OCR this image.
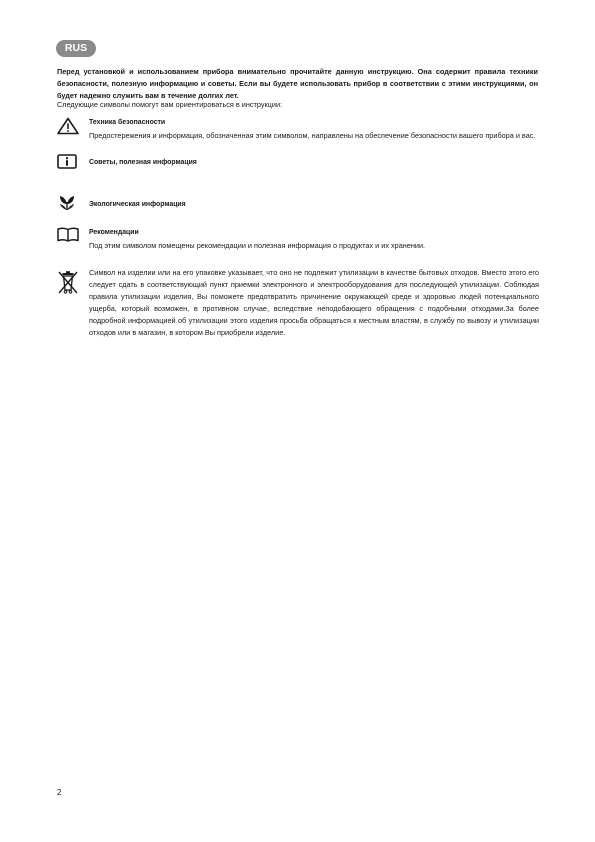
RUS

Перед установкой и использованием прибора внимательно прочитайте данную инструкцию. Она содержит правила техники безопасности, полезную информацию и советы. Если вы будете использовать прибор в соответствии с этими инструкциями, он будет надежно служить вам в течение долгих лет.

Следующие символы помогут вам ориентироваться в инструкции:

Техника безопасности

Предостережения и информация, обозначенная этим символом, направлены на обеспечение безопасности вашего прибора и вас.

Советы, полезная информация

Экологическая информация

Рекомендации

Под этим символом помещены рекомендации и полезная информация о продуктах и их хранении.

Символ на изделии или на его упаковке указывает, что оно не подлежит утилизации в качестве бытовых отходов. Вместо этого его следует сдать в соответствующий пункт приемки электронного и электрооборудования для последующей утилизации. Соблюдая правила утилизации изделия, Вы поможете предотвратить причинение окружающей среде и здоровью людей потенциального ущерба, который возможен, в противном случае, вследствие неподобающего обращения с подобными отходами.За более подробной информацией об утилизации этого изделия просьба обращаться к местным властям, в службу по вывозу и утилизации отходов или в магазин, в котором Вы приобрели изделие.

2
